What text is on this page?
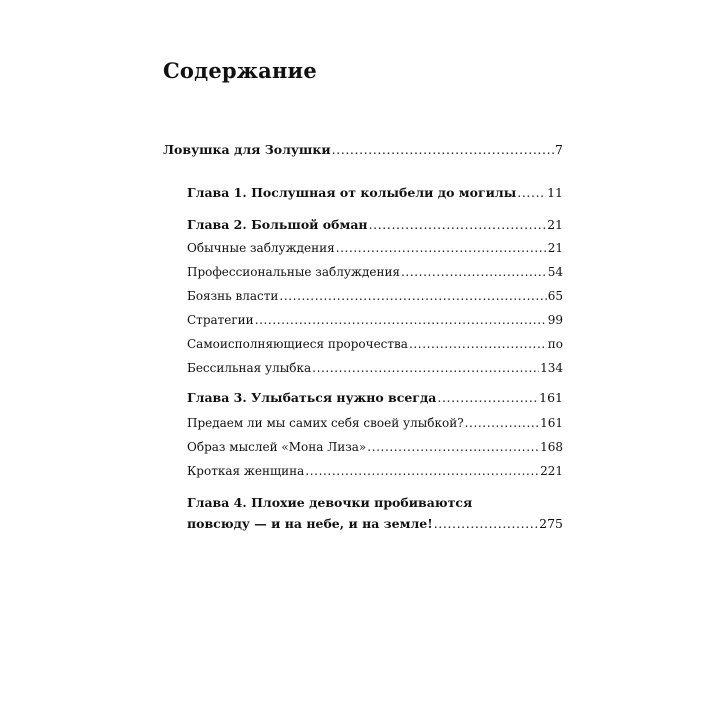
Содержание
Ловушка для Золушки .....	7
Глава 1. Послушная от колыбели до могилы ..... 11
Глава 2. Большой обман .....	21
Обычные заблуждения .....	21
Профессиональные заблуждения .....	54
Боязнь власти .....	65
Стратегии .....	99
Самоисполняющиеся пророчества .....	по
Бессильная улыбка .....	134
Глава 3. Улыбаться нужно всегда .....	161
Предаем ли мы самих себя своей улыбкой? .....	161
Образ мыслей «Мона Лиза» .....	168
Кроткая женщина .....	221
Глава 4. Плохие девочки пробиваются
повсюду — и на небе, и на земле! .....	275
